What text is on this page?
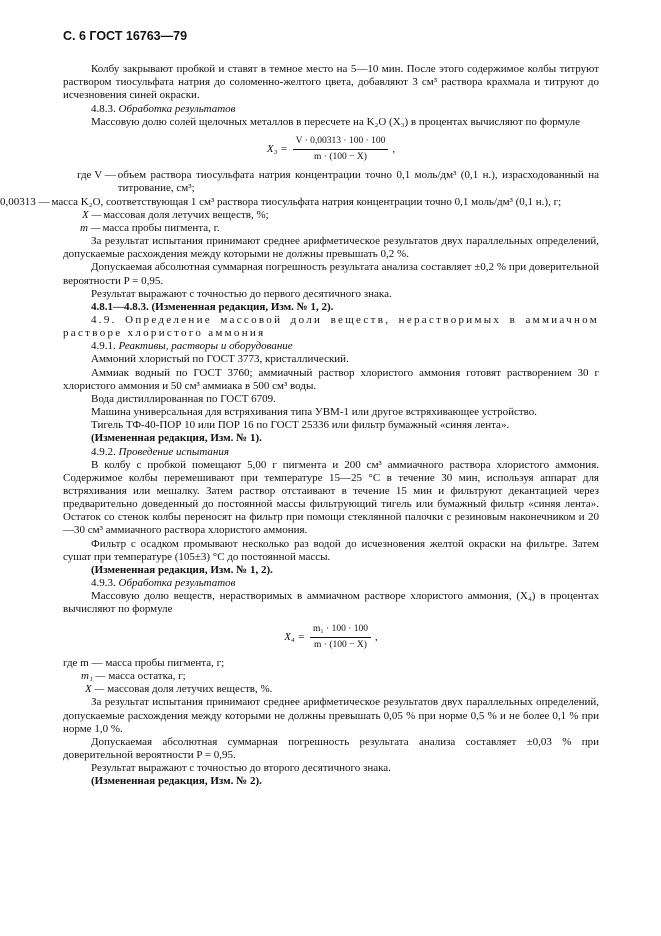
С. 6 ГОСТ 16763—79

Колбу закрывают пробкой и ставят в темное место на 5—10 мин. После этого содержимое колбы титруют раствором тиосульфата натрия до соломенно-желтого цвета, добавляют 3 см³ раствора крахмала и титруют до исчезновения синей окраски.

4.8.3. Обработка результатов

Массовую долю солей щелочных металлов в пересчете на K₂O (X₃) в процентах вычисляют по формуле

$X_3 = \frac{V \cdot 0,00313 \cdot 100 \cdot 100}{m \cdot (100 - X)}$ ,
где V — объем раствора тиосульфата натрия концентрации точно 0,1 моль/дм³ (0,1 н.), израсходованный на титрование, см³;
0,00313 — масса K₂O, соответствующая 1 см³ раствора тиосульфата натрия концентрации точно 0,1 моль/дм³ (0,1 н.), г;
X — массовая доля летучих веществ, %;
m — масса пробы пигмента, г.

За результат испытания принимают среднее арифметическое результатов двух параллельных определений, допускаемые расхождения между которыми не должны превышать 0,2 %.

Допускаемая абсолютная суммарная погрешность результата анализа составляет ±0,2 % при доверительной вероятности P = 0,95.

Результат выражают с точностью до первого десятичного знака.

4.8.1—4.8.3. (Измененная редакция, Изм. № 1, 2).

4.9. Определение массовой доли веществ, нерастворимых в аммиачном растворе хлористого аммония

4.9.1. Реактивы, растворы и оборудование

Аммоний хлористый по ГОСТ 3773, кристаллический.

Аммиак водный по ГОСТ 3760; аммиачный раствор хлористого аммония готовят растворением 30 г хлористого аммония и 50 см³ аммиака в 500 см³ воды.

Вода дистиллированная по ГОСТ 6709.

Машина универсальная для встряхивания типа УВМ-1 или другое встряхивающее устройство.

Тигель ТФ-40-ПОР 10 или ПОР 16 по ГОСТ 25336 или фильтр бумажный «синяя лента».

(Измененная редакция, Изм. № 1).

4.9.2. Проведение испытания

В колбу с пробкой помещают 5,00 г пигмента и 200 см³ аммиачного раствора хлористого аммония. Содержимое колбы перемешивают при температуре 15—25 °С в течение 30 мин, используя аппарат для встряхивания или мешалку. Затем раствор отстаивают в течение 15 мин и фильтруют декантацией через предварительно доведенный до постоянной массы фильтрующий тигель или бумажный фильтр «синяя лента». Остаток со стенок колбы переносят на фильтр при помощи стеклянной палочки с резиновым наконечником и 20—30 см³ аммиачного раствора хлористого аммония.

Фильтр с осадком промывают несколько раз водой до исчезновения желтой окраски на фильтре. Затем сушат при температуре (105±3) °С до постоянной массы.

(Измененная редакция, Изм. № 1, 2).

4.9.3. Обработка результатов

Массовую долю веществ, нерастворимых в аммиачном растворе хлористого аммония, (X₄) в процентах вычисляют по формуле

$X_4 = \frac{\text{m₁ · 100 · 100}}{m \cdot (100 - X)}$ ,
где m — масса пробы пигмента, г;
m₁ — масса остатка, г;
X — массовая доля летучих веществ, %.

За результат испытания принимают среднее арифметическое результатов двух параллельных определений, допускаемые расхождения между которыми не должны превышать 0,05 % при норме 0,5 % и не более 0,1 % при норме 1,0 %.

Допускаемая абсолютная суммарная погрешность результата анализа составляет ±0,03 % при доверительной вероятности P = 0,95.

Результат выражают с точностью до второго десятичного знака.

(Измененная редакция, Изм. № 2).
